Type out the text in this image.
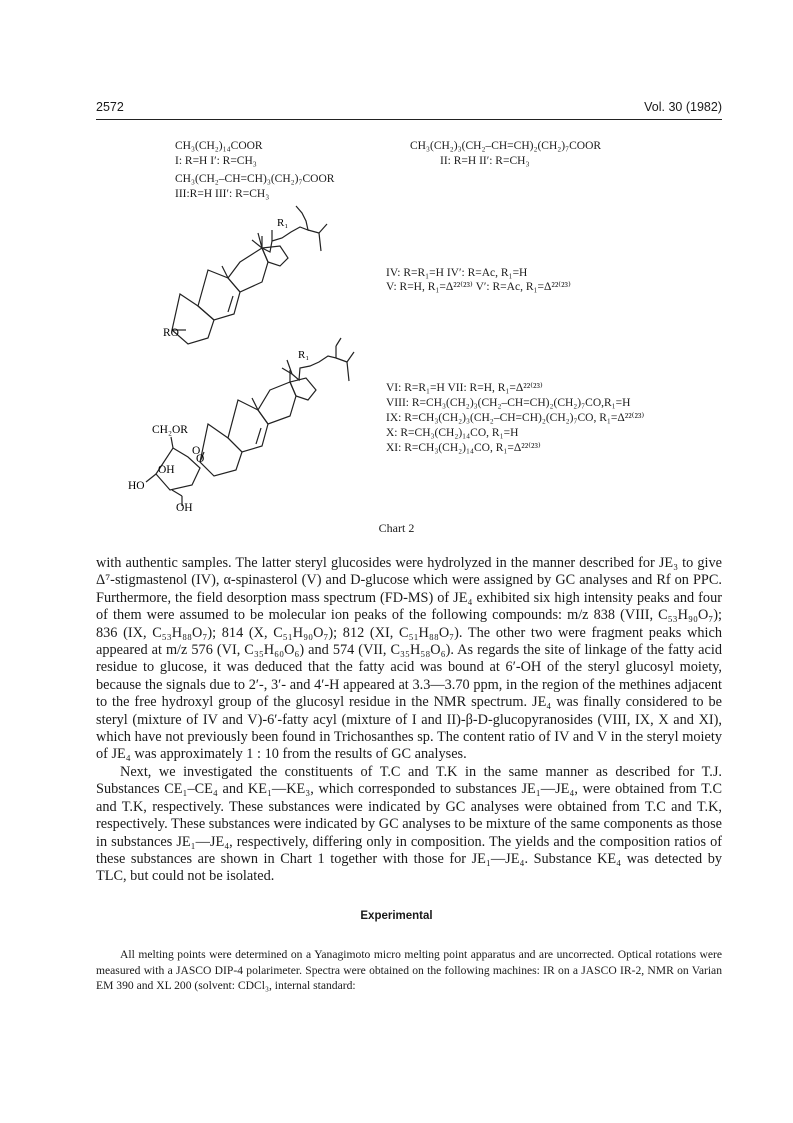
2572	Vol. 30 (1982)
CH₃(CH₂)₁₄COOR
I: R=H I′: R=CH₃
CH₃(CH₂–CH=CH)₃(CH₂)₇COOR
III:R=H III′: R=CH₃
CH₃(CH₂)₃(CH₂–CH=CH)₂(CH₂)₇COOR
II: R=H II′: R=CH₃
IV: R=R₁=H IV′: R=Ac, R₁=H
V: R=H, R₁=Δ²²⁽²³⁾ V′: R=Ac, R₁=Δ²²⁽²³⁾
VI: R=R₁=H VII: R=H, R₁=Δ²²⁽²³⁾
VIII: R=CH₃(CH₂)₃(CH₂–CH=CH)₂(CH₂)₇CO,R₁=H
IX: R=CH₃(CH₂)₃(CH₂–CH=CH)₂(CH₂)₇CO, R₁=Δ²²⁽²³⁾
X: R=CH₃(CH₂)₁₄CO, R₁=H
XI: R=CH₃(CH₂)₁₄CO, R₁=Δ²²⁽²³⁾
R₁
RO
R₁
CH₂OR
O
O
OH
HO
OH
Chart 2

with authentic samples. The latter steryl glucosides were hydrolyzed in the manner described for JE₃ to give Δ⁷-stigmastenol (IV), α-spinasterol (V) and D-glucose which were assigned by GC analyses and Rf on PPC. Furthermore, the field desorption mass spectrum (FD-MS) of JE₄ exhibited six high intensity peaks and four of them were assumed to be molecular ion peaks of the following compounds: m/z 838 (VIII, C₅₃H₉₀O₇); 836 (IX, C₅₃H₈₈O₇); 814 (X, C₅₁H₉₀O₇); 812 (XI, C₅₁H₈₈O₇). The other two were fragment peaks which appeared at m/z 576 (VI, C₃₅H₆₀O₆) and 574 (VII, C₃₅H₅₈O₆). As regards the site of linkage of the fatty acid residue to glucose, it was deduced that the fatty acid was bound at 6′-OH of the steryl glucosyl moiety, because the signals due to 2′-, 3′- and 4′-H appeared at 3.3—3.70 ppm, in the region of the methines adjacent to the free hydroxyl group of the glucosyl residue in the NMR spectrum. JE₄ was finally considered to be steryl (mixture of IV and V)-6′-fatty acyl (mixture of I and II)-β-D-glucopyranosides (VIII, IX, X and XI), which have not previously been found in Trichosanthes sp. The content ratio of IV and V in the steryl moiety of JE₄ was approximately 1 : 10 from the results of GC analyses.

Next, we investigated the constituents of T.C and T.K in the same manner as described for T.J. Substances CE₁–CE₄ and KE₁—KE₃, which corresponded to substances JE₁—JE₄, were obtained from T.C and T.K, respectively. These substances were indicated by GC analyses were obtained from T.C and T.K, respectively. These substances were indicated by GC analyses to be mixture of the same components as those in substances JE₁—JE₄, respectively, differing only in composition. The yields and the composition ratios of these substances are shown in Chart 1 together with those for JE₁—JE₄. Substance KE₄ was detected by TLC, but could not be isolated.

Experimental

All melting points were determined on a Yanagimoto micro melting point apparatus and are uncorrected. Optical rotations were measured with a JASCO DIP-4 polarimeter. Spectra were obtained on the following machines: IR on a JASCO IR-2, NMR on Varian EM 390 and XL 200 (solvent: CDCl₃, internal standard:
